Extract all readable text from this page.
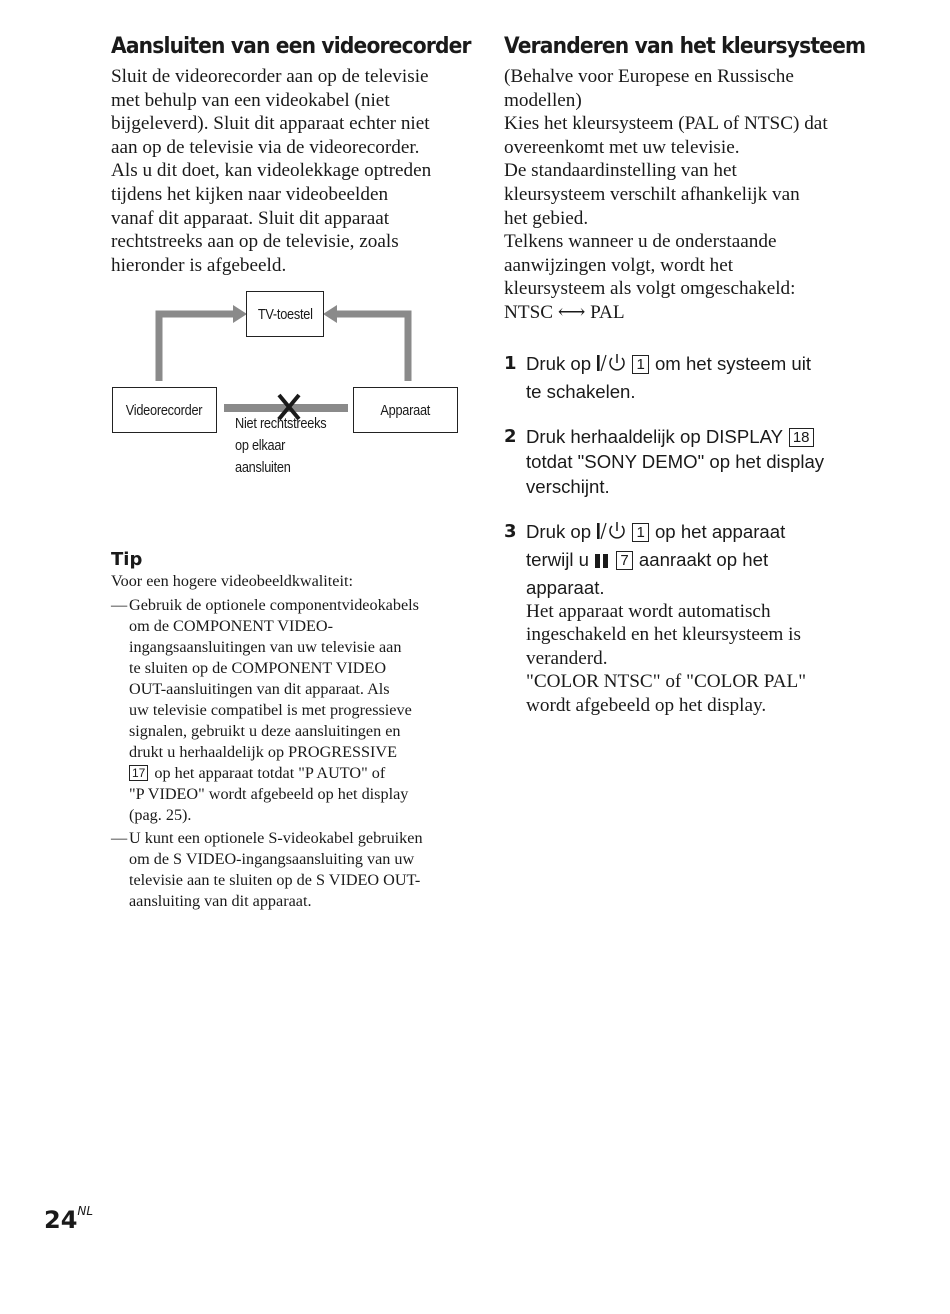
Aansluiten van een videorecorder

Sluit de videorecorder aan op de televisie

met behulp van een videokabel (niet

bijgeleverd). Sluit dit apparaat echter niet

aan op de televisie via de videorecorder.

Als u dit doet, kan videolekkage optreden

tijdens het kijken naar videobeelden

vanaf dit apparaat. Sluit dit apparaat

rechtstreeks aan op de televisie, zoals

hieronder is afgebeeld.

TV-toestel
Videorecorder	Apparaat
Niet rechtstreeks
op elkaar
aansluiten
Tip

Voor een hogere videobeeldkwaliteit:

— Gebruik de optionele componentvideokabels
om de COMPONENT VIDEO-
ingangsaansluitingen van uw televisie aan
te sluiten op de COMPONENT VIDEO
OUT-aansluitingen van dit apparaat. Als
uw televisie compatibel is met progressieve
signalen, gebruikt u deze aansluitingen en
drukt u herhaaldelijk op PROGRESSIVE
17 op het apparaat totdat "P AUTO" of
"P VIDEO" wordt afgebeeld op het display
(pag. 25).
— U kunt een optionele S-videokabel gebruiken
om de S VIDEO-ingangsaansluiting van uw
televisie aan te sluiten op de S VIDEO OUT-
aansluiting van dit apparaat.
Veranderen van het kleursysteem

(Behalve voor Europese en Russische

modellen)

Kies het kleursysteem (PAL of NTSC) dat

overeenkomt met uw televisie.

De standaardinstelling van het

kleursysteem verschilt afhankelijk van

het gebied.

Telkens wanneer u de onderstaande

aanwijzingen volgt, wordt het

kleursysteem als volgt omgeschakeld:

NTSC ⟷ PAL

1 Druk op	1 om het systeem uit
te schakelen.

2 Druk herhaaldelijk op DISPLAY 18
totdat "SONY DEMO" op het display
verschijnt.

3 Druk op	1 op het apparaat
terwijl u 7 aanraakt op het
apparaat.

Het apparaat wordt automatisch
ingeschakeld en het kleursysteem is
veranderd.
"COLOR NTSC" of "COLOR PAL"
wordt afgebeeld op het display.
$24^{NL}$
